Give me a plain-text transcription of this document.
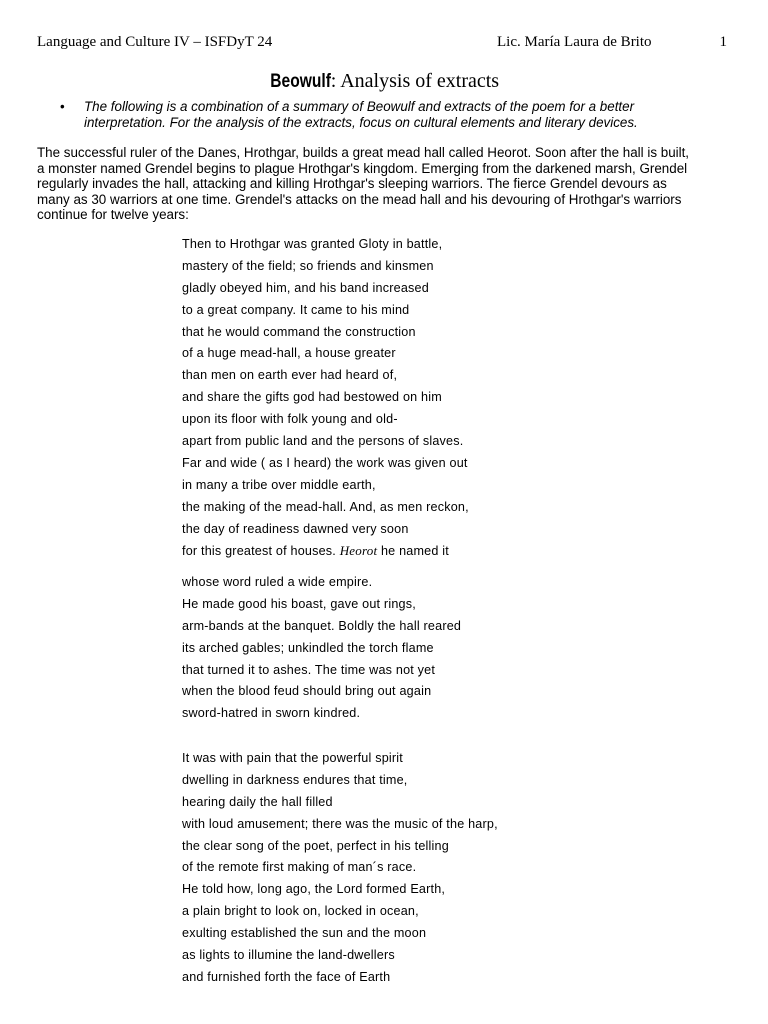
Language and Culture IV – ISFDyT 24	Lic. María Laura de Brito	1
Beowulf: Analysis of extracts
• The following is a combination of a summary of Beowulf and extracts of the poem for a better
interpretation. For the analysis of the extracts, focus on cultural elements and literary devices.
The successful ruler of the Danes, Hrothgar, builds a great mead hall called Heorot. Soon after the hall is built,
a monster named Grendel begins to plague Hrothgar's kingdom. Emerging from the darkened marsh, Grendel
regularly invades the hall, attacking and killing Hrothgar's sleeping warriors. The fierce Grendel devours as
many as 30 warriors at one time. Grendel's attacks on the mead hall and his devouring of Hrothgar's warriors
continue for twelve years:
Then to Hrothgar was granted Gloty in battle,
mastery of the field; so friends and kinsmen
gladly obeyed him, and his band increased
to a great company. It came to his mind
that he would command the construction
of a huge mead-hall, a house greater
than men on earth ever had heard of,
and share the gifts god had bestowed on him
upon its floor with folk young and old-
apart from public land and the persons of slaves.
Far and wide ( as I heard) the work was given out
in many a tribe over middle earth,
the making of the mead-hall. And, as men reckon,
the day of readiness dawned very soon
for this greatest of houses. Heorot he named it
whose word ruled a wide empire.
He made good his boast, gave out rings,
arm-bands at the banquet. Boldly the hall reared
its arched gables; unkindled the torch flame
that turned it to ashes. The time was not yet
when the blood feud should bring out again
sword-hatred in sworn kindred.
It was with pain that the powerful spirit
dwelling in darkness endures that time,
hearing daily the hall filled
with loud amusement; there was the music of the harp,
the clear song of the poet, perfect in his telling
of the remote first making of man´s race.
He told how, long ago, the Lord formed Earth,
a plain bright to look on, locked in ocean,
exulting established the sun and the moon
as lights to illumine the land-dwellers
and furnished forth the face of Earth
